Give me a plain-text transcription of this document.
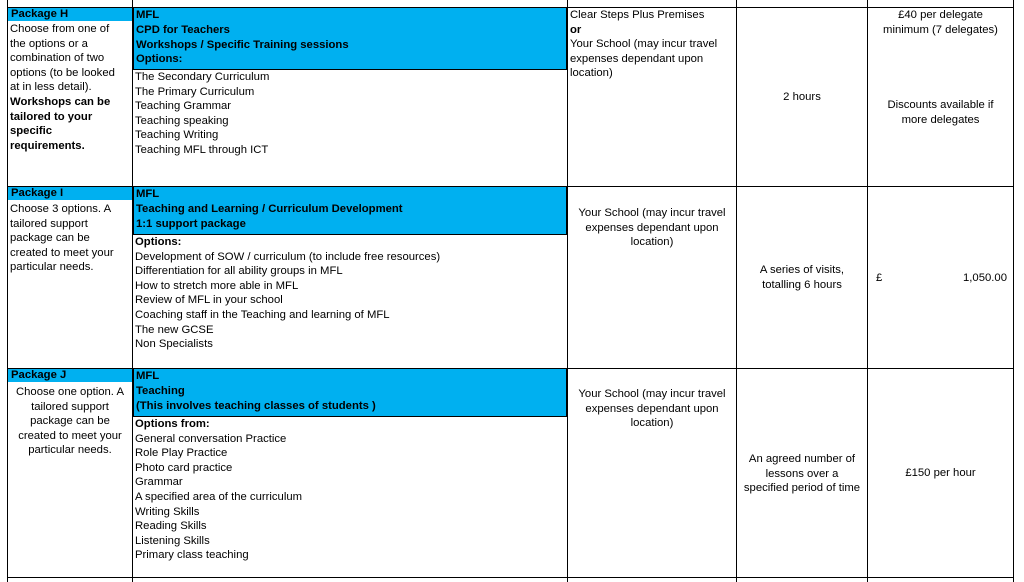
Package H
Choose from one of
the options or a
combination of two
options (to be looked
at in less detail).
Workshops can be
tailored to your
specific
requirements.
MFL
CPD for Teachers
Workshops / Specific Training sessions
Options:
The Secondary Curriculum
The Primary Curriculum
Teaching Grammar
Teaching speaking
Teaching Writing
Teaching MFL through ICT
Clear Steps Plus Premises
or
Your School (may incur travel
expenses dependant upon
location)
2 hours
£40 per delegate
minimum (7 delegates)
Discounts available if
more delegates
Package I
Choose 3 options. A
tailored support
package can be
created to meet your
particular needs.
MFL
Teaching and Learning / Curriculum Development
1:1 support package
Options:
Development of SOW / curriculum (to include free resources)
Differentiation for all ability groups in MFL
How to stretch more able in MFL
Review of MFL in your school
Coaching staff in the Teaching and learning of MFL
The new GCSE
Non Specialists
Your School (may incur travel
expenses dependant upon
location)
A series of visits,
totalling 6 hours
£	1,050.00
Package J
Choose one option. A
tailored support
package can be
created to meet your
particular needs.
MFL
Teaching
(This involves teaching classes of students )
Options from:
General conversation Practice
Role Play Practice
Photo card practice
Grammar
A specified area of the curriculum
Writing Skills
Reading Skills
Listening Skills
Primary class teaching
Your School (may incur travel
expenses dependant upon
location)
An agreed number of
lessons over a
specified period of time
£150 per hour
